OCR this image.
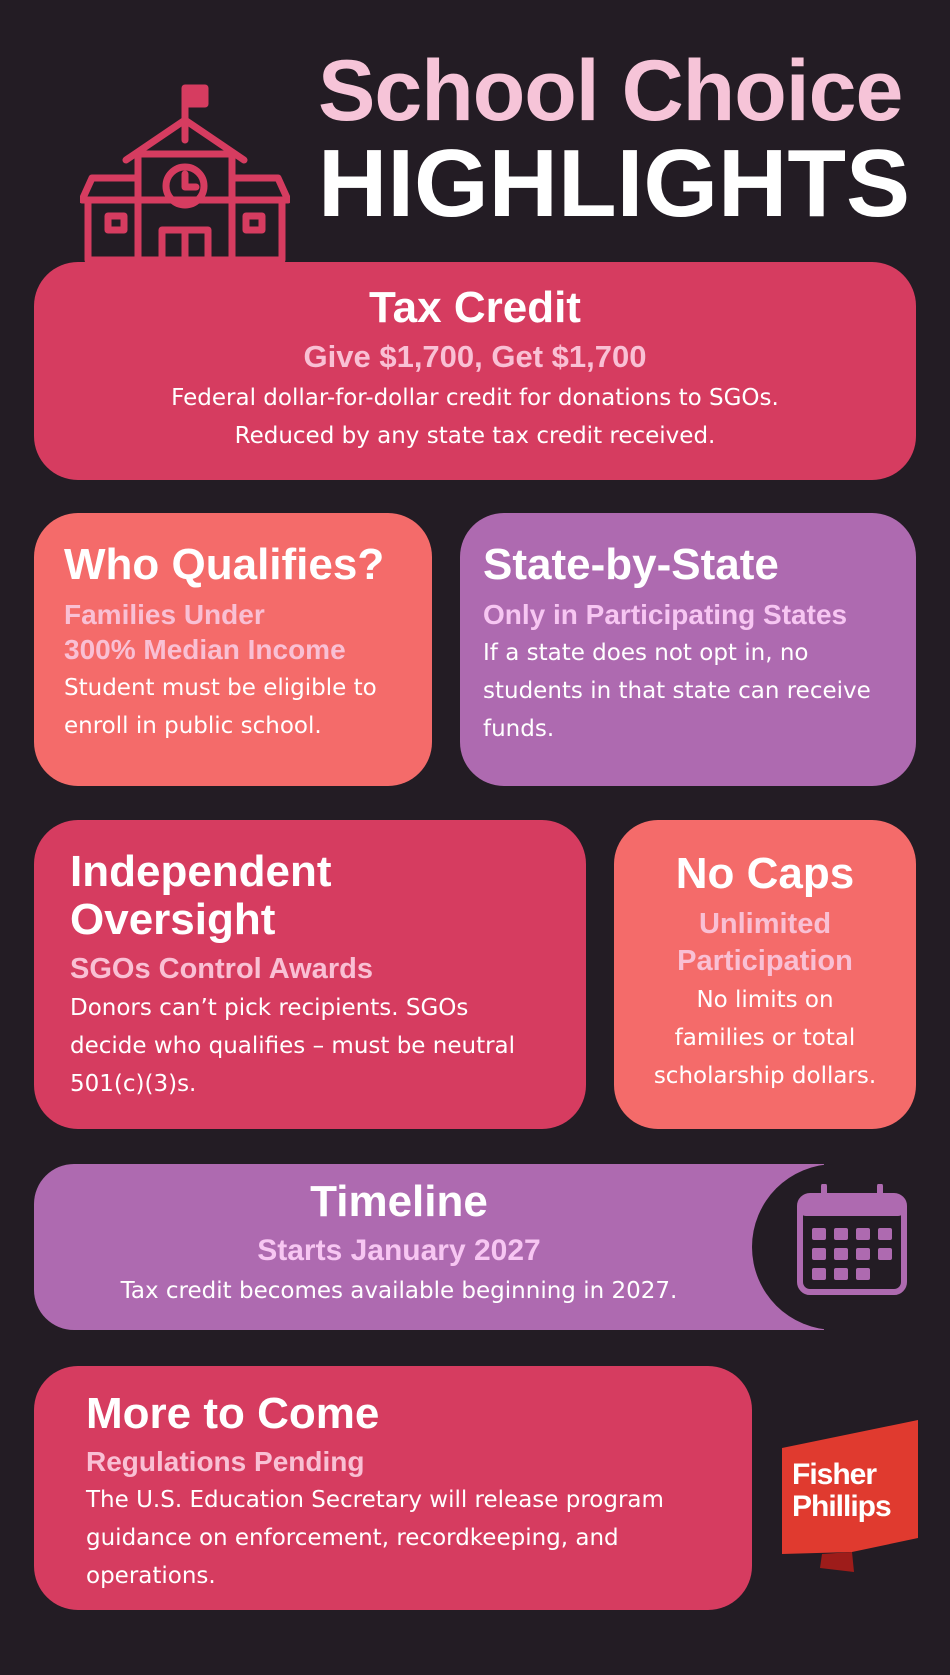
School Choice
HIGHLIGHTS
Tax Credit
Give $1,700, Get $1,700
Federal dollar-for-dollar credit for donations to SGOs.
Reduced by any state tax credit received.
Who Qualifies?
Families Under
300% Median Income
Student must be eligible to
enroll in public school.
State-by-State
Only in Participating States
If a state does not opt in, no
students in that state can receive
funds.
Independent
Oversight
SGOs Control Awards
Donors can’t pick recipients. SGOs
decide who qualifies – must be neutral
501(c)(3)s.
No Caps
Unlimited
Participation
No limits on
families or total
scholarship dollars.
Timeline
Starts January 2027
Tax credit becomes available beginning in 2027.
More to Come
Regulations Pending
The U.S. Education Secretary will release program
guidance on enforcement, recordkeeping, and
operations.
Fisher
Phillips
